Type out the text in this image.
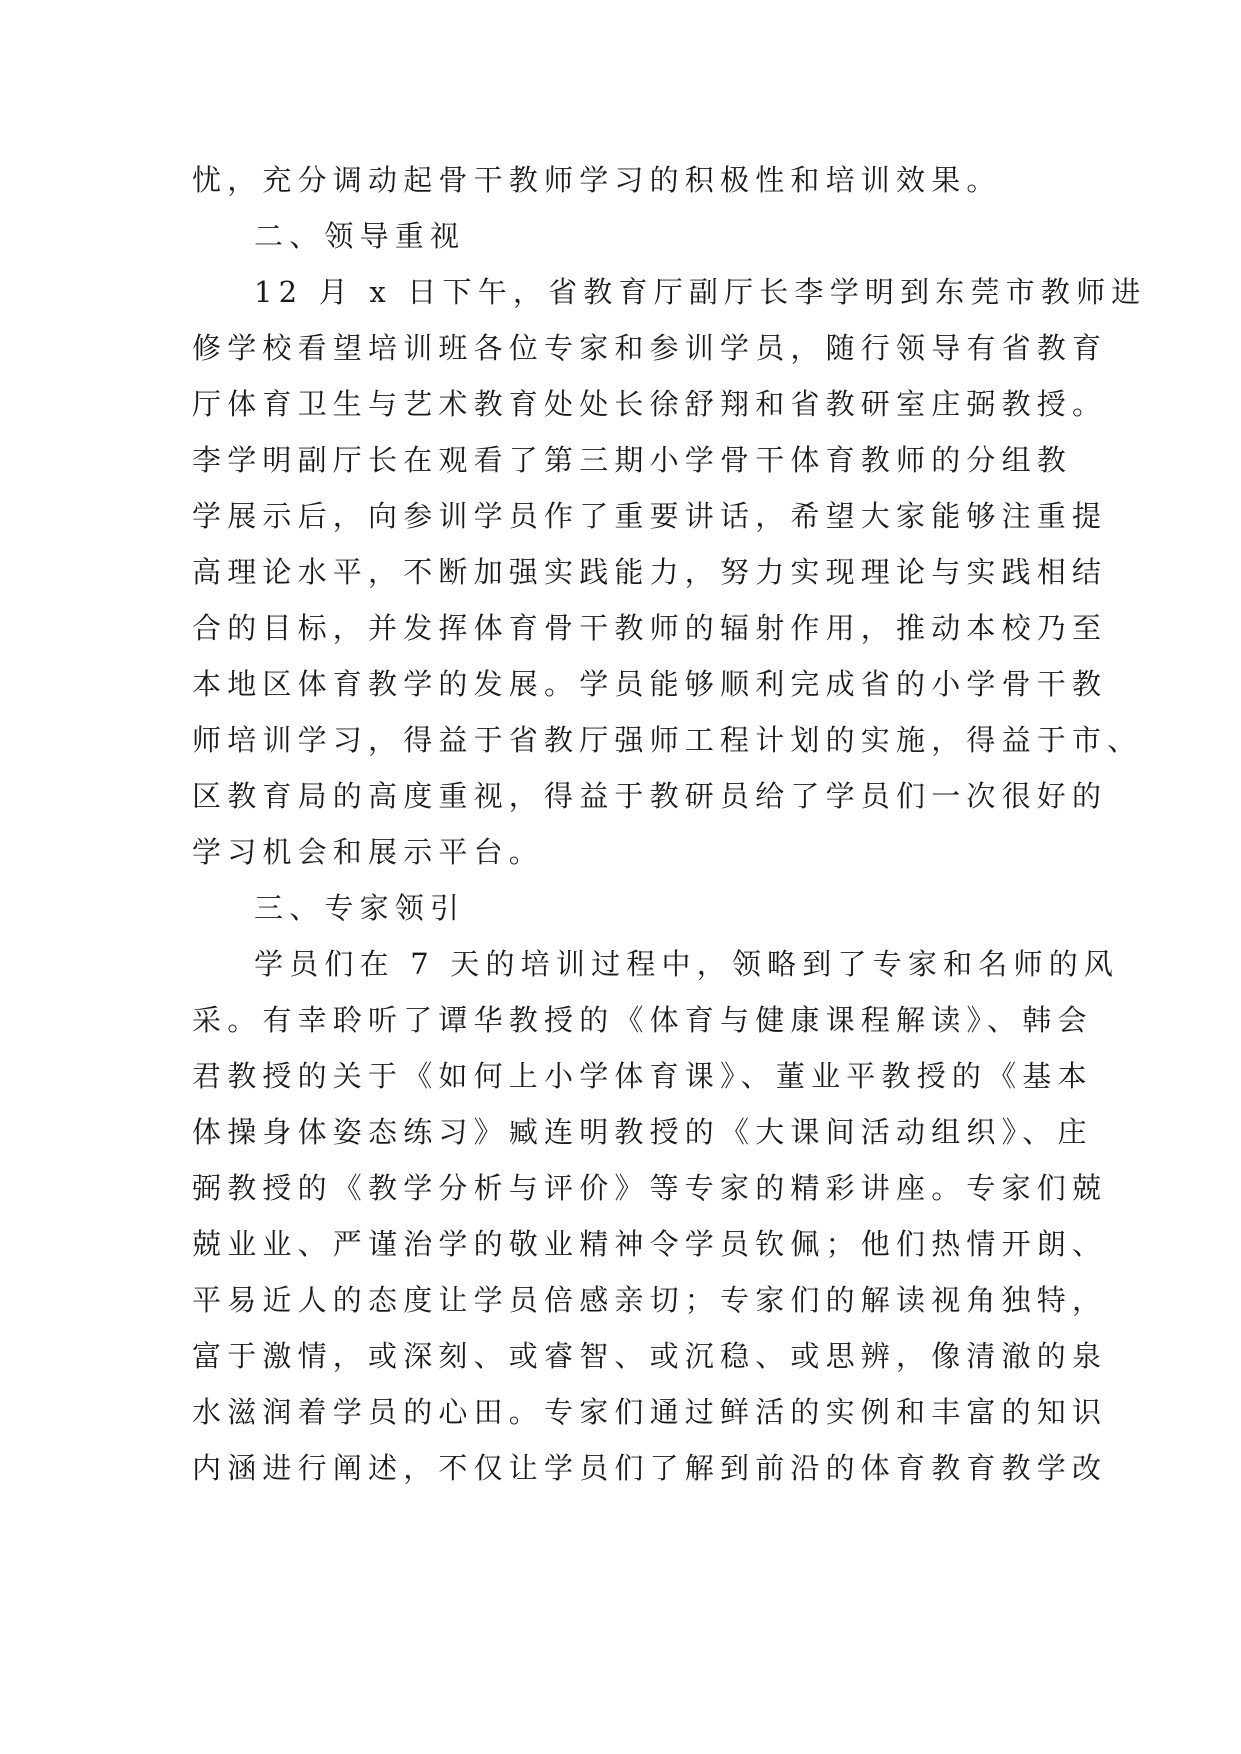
忧，充分调动起骨干教师学习的积极性和培训效果。
二、领导重视
12 月 x 日下午，省教育厅副厅长李学明到东莞市教师进
修学校看望培训班各位专家和参训学员，随行领导有省教育
厅体育卫生与艺术教育处处长徐舒翔和省教研室庄弼教授。
李学明副厅长在观看了第三期小学骨干体育教师的分组教
学展示后，向参训学员作了重要讲话，希望大家能够注重提
高理论水平，不断加强实践能力，努力实现理论与实践相结
合的目标，并发挥体育骨干教师的辐射作用，推动本校乃至
本地区体育教学的发展。学员能够顺利完成省的小学骨干教
师培训学习，得益于省教厅强师工程计划的实施，得益于市、
区教育局的高度重视，得益于教研员给了学员们一次很好的
学习机会和展示平台。
三、专家领引
学员们在 7 天的培训过程中，领略到了专家和名师的风
采。有幸聆听了谭华教授的《体育与健康课程解读》、韩会
君教授的关于《如何上小学体育课》、董业平教授的《基本
体操身体姿态练习》臧连明教授的《大课间活动组织》、庄
弼教授的《教学分析与评价》等专家的精彩讲座。专家们兢
兢业业、严谨治学的敬业精神令学员钦佩；他们热情开朗、
平易近人的态度让学员倍感亲切；专家们的解读视角独特，
富于激情，或深刻、或睿智、或沉稳、或思辨，像清澈的泉
水滋润着学员的心田。专家们通过鲜活的实例和丰富的知识
内涵进行阐述，不仅让学员们了解到前沿的体育教育教学改
